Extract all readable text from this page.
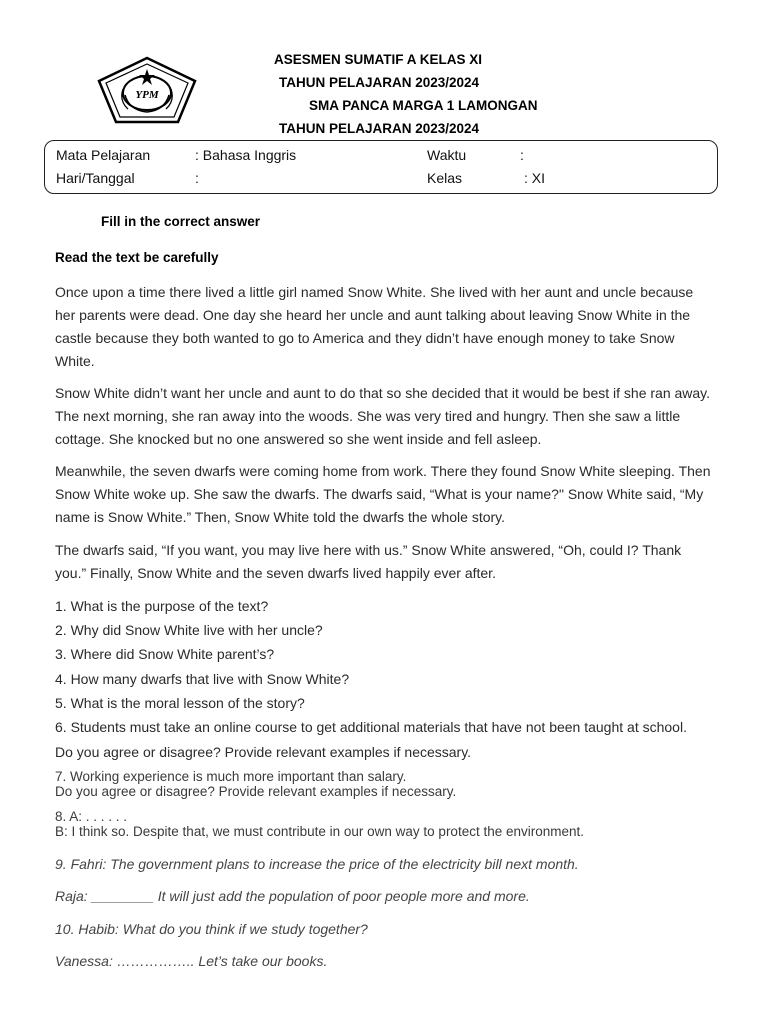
YPM
ASESMEN SUMATIF A KELAS XI
TAHUN PELAJARAN 2023/2024
SMA PANCA MARGA 1 LAMONGAN
TAHUN PELAJARAN 2023/2024
Mata Pelajaran	: Bahasa Inggris	Waktu	:
Hari/Tanggal	:	Kelas	: XI
Fill in the correct answer
Read the text be carefully
Once upon a time there lived a little girl named Snow White. She lived with her aunt and uncle because her parents were dead. One day she heard her uncle and aunt talking about leaving Snow White in the castle because they both wanted to go to America and they didn’t have enough money to take Snow White.
Snow White didn’t want her uncle and aunt to do that so she decided that it would be best if she ran away. The next morning, she ran away into the woods. She was very tired and hungry. Then she saw a little cottage. She knocked but no one answered so she went inside and fell asleep.
Meanwhile, the seven dwarfs were coming home from work. There they found Snow White sleeping. Then Snow White woke up. She saw the dwarfs. The dwarfs said, “What is your name?" Snow White said, “My name is Snow White.” Then, Snow White told the dwarfs the whole story.
The dwarfs said, “If you want, you may live here with us.” Snow White answered, “Oh, could I? Thank you.” Finally, Snow White and the seven dwarfs lived happily ever after.
1. What is the purpose of the text?
2. Why did Snow White live with her uncle?
3. Where did Snow White parent’s?
4. How many dwarfs that live with Snow White?
5. What is the moral lesson of the story?
6. Students must take an online course to get additional materials that have not been taught at school.
Do you agree or disagree? Provide relevant examples if necessary.
7. Working experience is much more important than salary.
Do you agree or disagree? Provide relevant examples if necessary.
8. A: . . . . . .
B: I think so. Despite that, we must contribute in our own way to protect the environment.
9. Fahri: The government plans to increase the price of the electricity bill next month.
Raja: ________ It will just add the population of poor people more and more.
10. Habib: What do you think if we study together?
Vanessa: …………….. Let’s take our books.
